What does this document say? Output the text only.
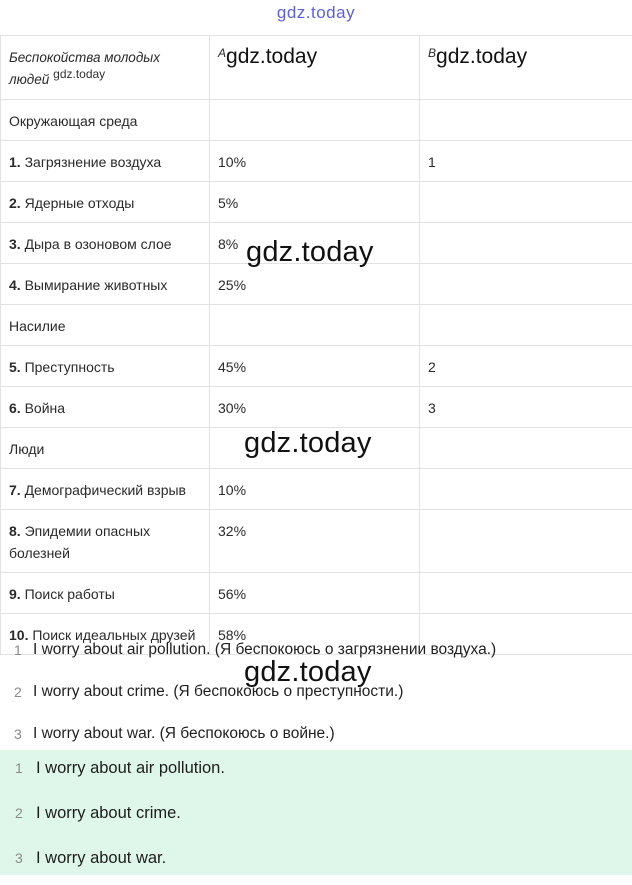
gdz.today
Беспокойства молодых людей gdz.today	Agdz.today	Bgdz.today
Окружающая среда		
1. Загрязнение воздуха	10%	1
2. Ядерные отходы	5%	
3. Дыра в озоновом слое	8%	
4. Вымирание животных	25%	
Насилие		
5. Преступность	45%	2
6. Война	30%	3
Люди		
7. Демографический взрыв	10%	
8. Эпидемии опасных болезней	32%	
9. Поиск работы	56%	
10. Поиск идеальных друзей	58%	
gdz.today
gdz.today
gdz.today
1 I worry about air pollution. (Я беспокоюсь о загрязнении воздуха.)
2 I worry about crime. (Я беспокоюсь о преступности.)
3 I worry about war. (Я беспокоюсь о войне.)
1 I worry about air pollution.
2 I worry about crime.
3 I worry about war.
